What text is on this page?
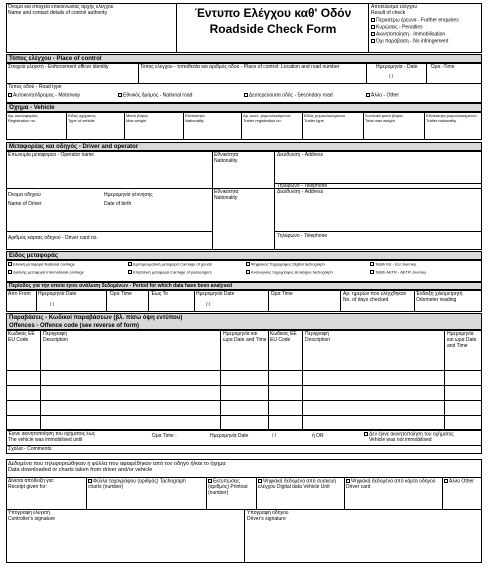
Όνομα και στοιχεία επικοινωνίας αρχής ελέγχου
Name and contact details of control authority	Έντυπο Ελέγχου καθ' Οδόν
Roadside Check Form
Αποτέλεσμα ελέγχου
Result of check
Περαιτέρω έρευνα - Further enquiries
Κυρώσεις - Penalties
Ακινητοποίηση - Immobilisation
Όχι παράβαση - No infringement
Τόπος ελέγχου - Place of control
Στοιχεία ελεγκτή - Enforcement officer identity	Τόπος ελέγχου - τοποθεσία και αριθμός οδού - Place of control: Location and road number	Ημερομηνία - Date
/ /
Ώρα -Time
Τύπος οδού - Road type
Αυτοκινητόδρομος - Motorway	Εθνικός δρόμος - National road	Δευτερεύουσα οδός - Secondary road	Άλλο - Other
Όχημα - Vehicle
Αρ. κυκλοφορίας
Registration no.
Είδος οχήματος
Type of vehicle
Μικτό βάρος
Max weight
Εθνικότητα
Nationality
Αρ. κυκλ. ρυμουλκούμενου
Trailer registration no.
Είδος ρυμουλκούμενου
Trailer type
Συνολικό μικτό βάρος
Total max weight
Εθνικότητα ρυμουλκούμενου
Trailer nationality
Μεταφορέας και οδηγός - Driver and operator
Επωνυμία μεταφορέα - Operator name	Εθνικότητα
Nationality
Διεύθυνση - Address
Τηλέφωνο - Telephone
Όνομα οδηγού
Name of Driver
Ημερομηνία γέννησης
Date of birth
Εθνικότητα
Nationality
Διεύθυνση - Address
Τηλέφωνο - Telephone
Αριθμός κάρτας οδηγού - Driver card no.
Είδος μεταφοράς
Εθνική μεταφορά National carriage
Διεθνής μεταφορά International carriage
Εμπορευματική μεταφορά Carriage of goods
Επιβατική μεταφορά Carriage of passengers
Ψηφιακός Ταχογράφος Digital tachograph
Αναλογικός ταχογράφος Analogue tachograph
Ταξίδι ΕΕ - EU Journey
Ταξίδι AETR - AETR Journey
Περίοδος για την οποία έγινε ανάλυση δεδομένων - Period for which data have been analysed
Από From Ημερομηνία Date
/ /
Ώρα Time	Έως To	Ημερομηνία Date
/ /
Ώρα Time	Αρ. ημερών που ελέγχθηκαν No. of days checked
Ένδειξη χιλιομετρητή Odometer reading
Παραβάσεις - Κωδικοί παραβάσεων (βλ. πίσω όψη εντύπου)
Offences - Offence code (see reverse of form)
Κωδικός ΕΕ EU Code
Περιγραφή Description
Ημερομηνία και ώρα Date and Time
Κωδικός ΕΕ EU Code
Περιγραφή Description
Ημερομηνία και ώρα Date and Time
Έγινε ακινητοποίηση του οχήματος έως
The vehicle was immobilised until
Ώρα Time :	Ημερομηνία Date	/ /	ή OR	Δεν έγινε ακινητοποίηση του οχήματος
Vehicle was not immobilised
Σχόλια - Comments:
Δεδομένα που τηλεφορτώθηκαν ή φύλλα που αφαιρέθηκαν από τον οδηγό ή/και το όχημα
Data downloaded or charts taken from driver and/or vehicle
Δίνεται απόδειξη για:
Receipt given for:
Φύλλα ταχογράφου (αριθμός) Tachograph charts (number)
Εκτυπώσεις (αριθμός) Printout (number)
Ψηφιακά δεδομένα από συσκευή ελέγχου Digital data Vehicle Unit
Ψηφιακά δεδομένα από κάρτα οδηγού Driver card
Άλλο Other
Υπογραφή ελεγκτή
Controller's signature
Υπογραφή οδηγού
Driver's signature
